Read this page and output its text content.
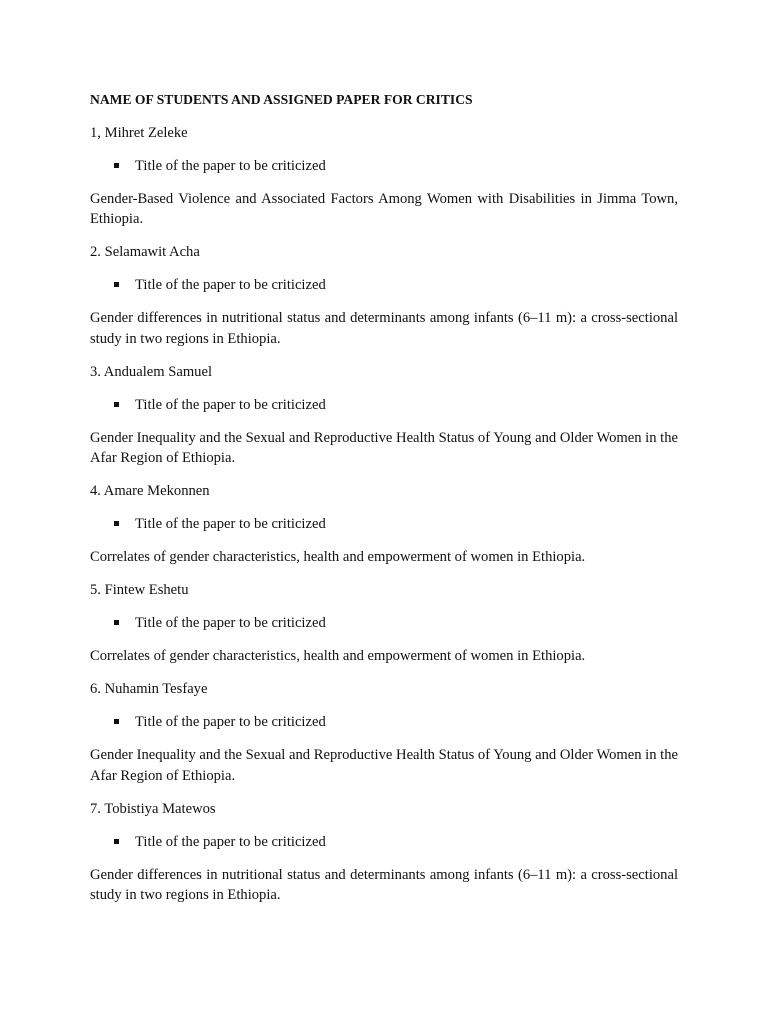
NAME OF STUDENTS AND ASSIGNED PAPER FOR CRITICS
1, Mihret Zeleke
Title of the paper to be criticized
Gender-Based Violence and Associated Factors Among Women with Disabilities in Jimma Town, Ethiopia.
2. Selamawit Acha
Title of the paper to be criticized
Gender differences in nutritional status and determinants among infants (6–11 m): a cross-sectional study in two regions in Ethiopia.
3. Andualem Samuel
Title of the paper to be criticized
Gender Inequality and the Sexual and Reproductive Health Status of Young and Older Women in the Afar Region of Ethiopia.
4. Amare Mekonnen
Title of the paper to be criticized
Correlates of gender characteristics, health and empowerment of women in Ethiopia.
5. Fintew Eshetu
Title of the paper to be criticized
Correlates of gender characteristics, health and empowerment of women in Ethiopia.
6. Nuhamin Tesfaye
Title of the paper to be criticized
Gender Inequality and the Sexual and Reproductive Health Status of Young and Older Women in the Afar Region of Ethiopia.
7. Tobistiya Matewos
Title of the paper to be criticized
Gender differences in nutritional status and determinants among infants (6–11 m): a cross-sectional study in two regions in Ethiopia.
